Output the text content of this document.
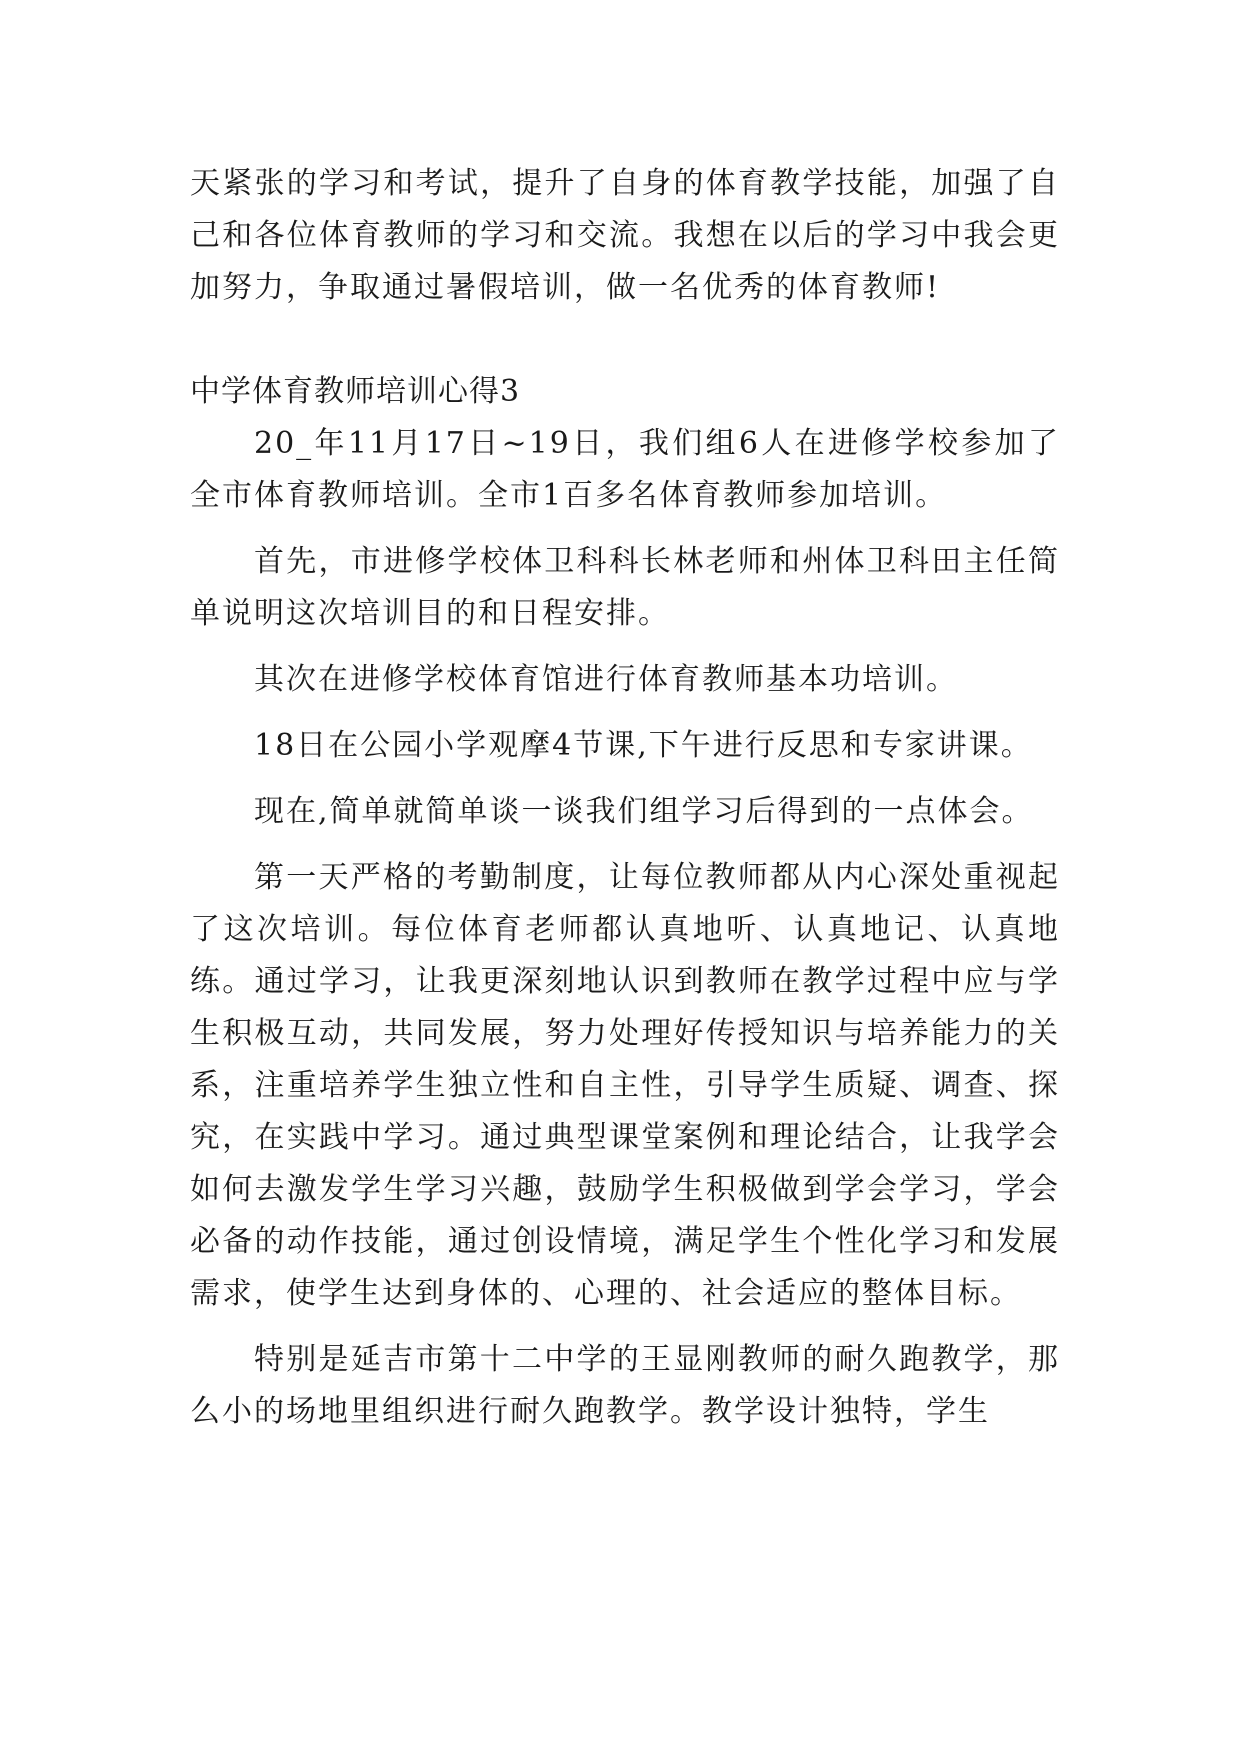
天紧张的学习和考试，提升了自身的体育教学技能，加强了自己和各位体育教师的学习和交流。我想在以后的学习中我会更加努力，争取通过暑假培训，做一名优秀的体育教师!

中学体育教师培训心得3

20_年11月17日~19日，我们组6人在进修学校参加了全市体育教师培训。全市1百多名体育教师参加培训。

首先，市进修学校体卫科科长林老师和州体卫科田主任简单说明这次培训目的和日程安排。

其次在进修学校体育馆进行体育教师基本功培训。

18日在公园小学观摩4节课,下午进行反思和专家讲课。

现在,简单就简单谈一谈我们组学习后得到的一点体会。

第一天严格的考勤制度，让每位教师都从内心深处重视起了这次培训。每位体育老师都认真地听、认真地记、认真地练。通过学习，让我更深刻地认识到教师在教学过程中应与学生积极互动，共同发展，努力处理好传授知识与培养能力的关系，注重培养学生独立性和自主性，引导学生质疑、调查、探究，在实践中学习。通过典型课堂案例和理论结合，让我学会如何去激发学生学习兴趣，鼓励学生积极做到学会学习，学会必备的动作技能，通过创设情境，满足学生个性化学习和发展需求，使学生达到身体的、心理的、社会适应的整体目标。

特别是延吉市第十二中学的王显刚教师的耐久跑教学，那么小的场地里组织进行耐久跑教学。教学设计独特，学生
